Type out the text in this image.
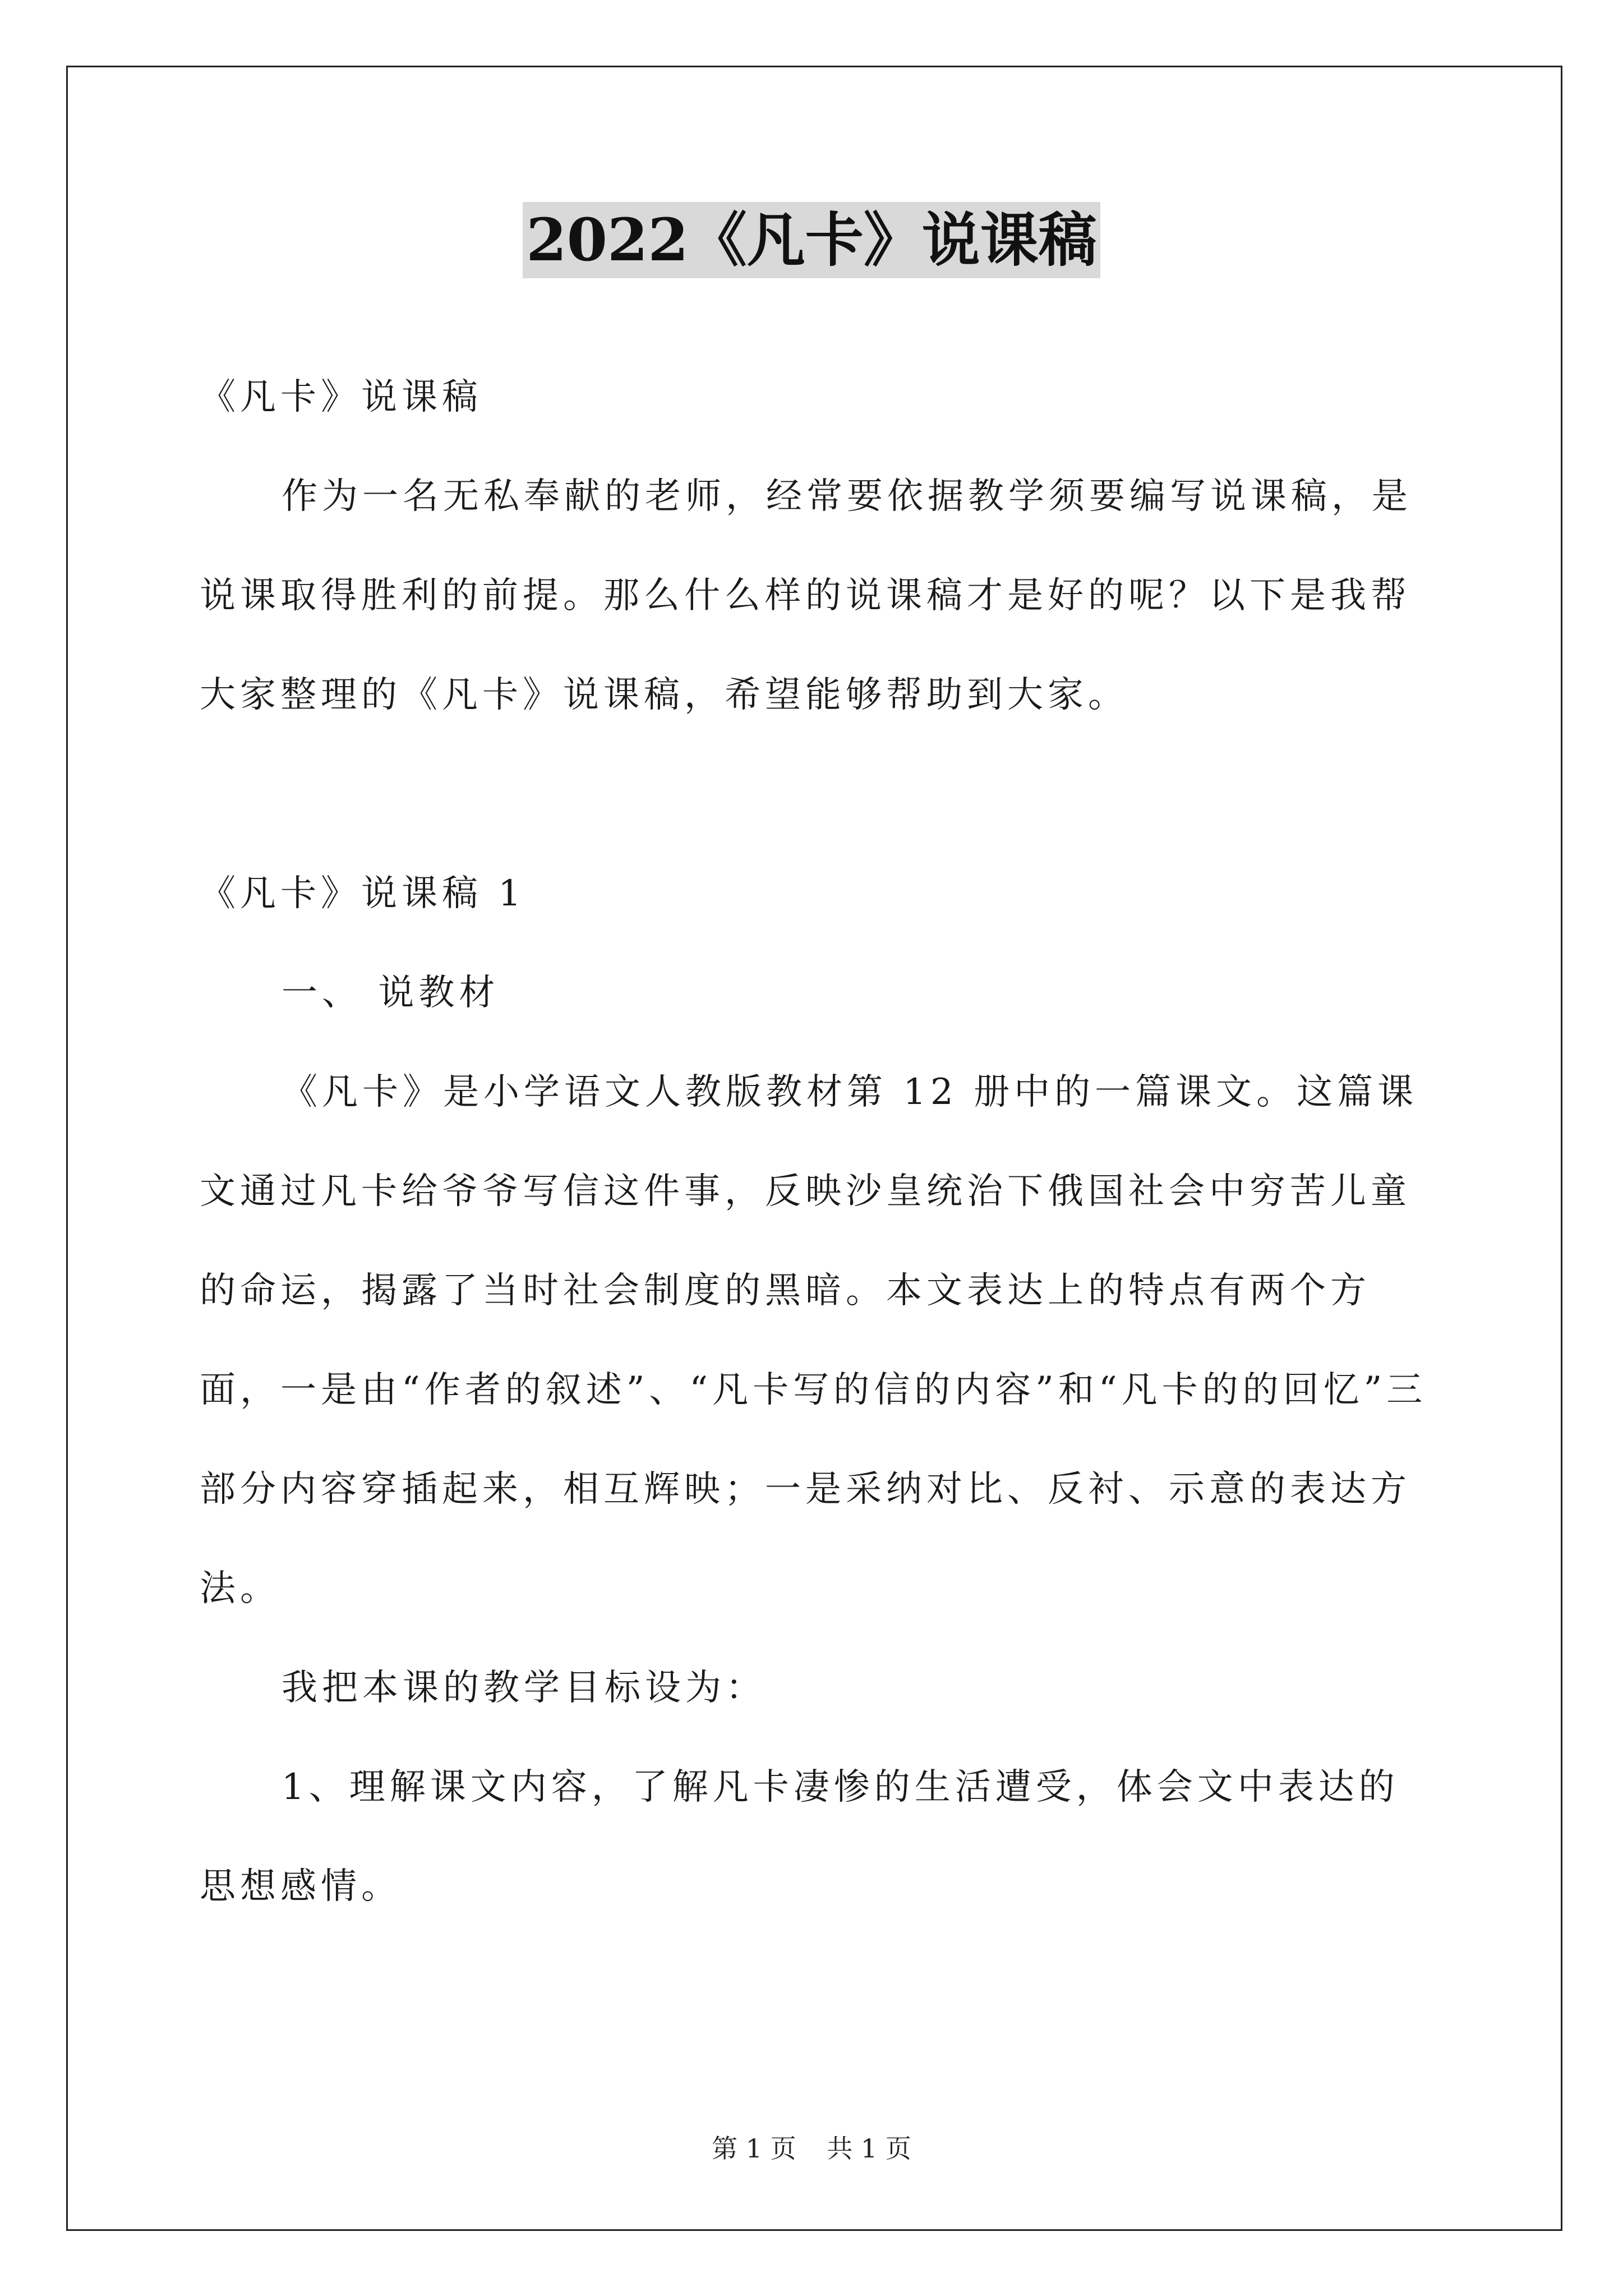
2022《凡卡》说课稿

《凡卡》说课稿

作为一名无私奉献的老师，经常要依据教学须要编写说课稿，是说课取得胜利的前提。那么什么样的说课稿才是好的呢？以下是我帮大家整理的《凡卡》说课稿，希望能够帮助到大家。

《凡卡》说课稿 1

一、 说教材

《凡卡》是小学语文人教版教材第 12 册中的一篇课文。这篇课文通过凡卡给爷爷写信这件事，反映沙皇统治下俄国社会中穷苦儿童的命运，揭露了当时社会制度的黑暗。本文表达上的特点有两个方面，一是由“作者的叙述”、“凡卡写的信的内容”和“凡卡的的回忆”三部分内容穿插起来，相互辉映；一是采纳对比、反衬、示意的表达方法。

我把本课的教学目标设为：

1、理解课文内容，了解凡卡凄惨的生活遭受，体会文中表达的思想感情。

第 1 页 共 1 页
